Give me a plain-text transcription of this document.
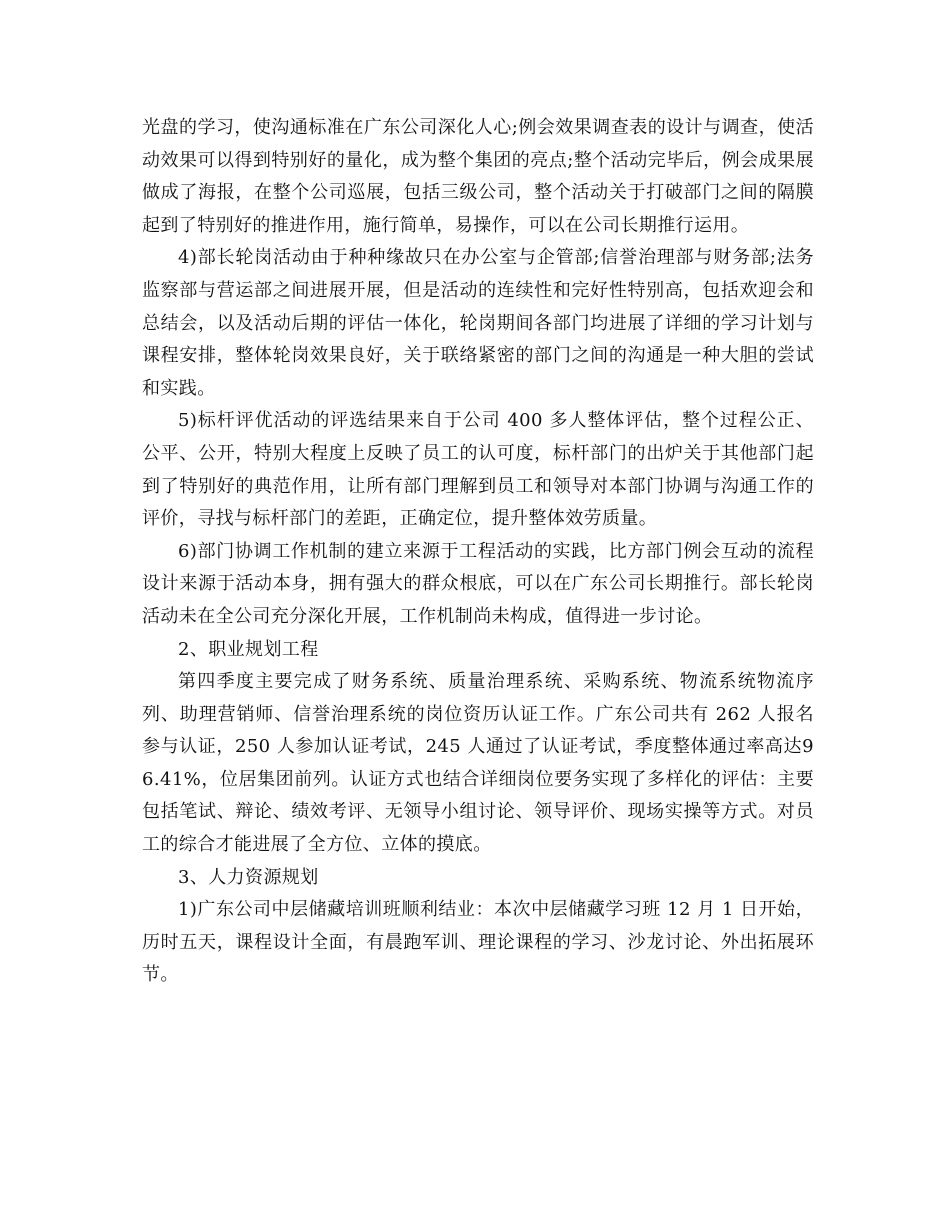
光盘的学习，使沟通标准在广东公司深化人心;例会效果调查表的设计与调查，使活动效果可以得到特别好的量化，成为整个集团的亮点;整个活动完毕后，例会成果展做成了海报，在整个公司巡展，包括三级公司，整个活动关于打破部门之间的隔膜起到了特别好的推进作用，施行简单，易操作，可以在公司长期推行运用。

4)部长轮岗活动由于种种缘故只在办公室与企管部;信誉治理部与财务部;法务监察部与营运部之间进展开展，但是活动的连续性和完好性特别高，包括欢迎会和总结会，以及活动后期的评估一体化，轮岗期间各部门均进展了详细的学习计划与课程安排，整体轮岗效果良好，关于联络紧密的部门之间的沟通是一种大胆的尝试和实践。

5)标杆评优活动的评选结果来自于公司 400 多人整体评估，整个过程公正、公平、公开，特别大程度上反映了员工的认可度，标杆部门的出炉关于其他部门起到了特别好的典范作用，让所有部门理解到员工和领导对本部门协调与沟通工作的评价，寻找与标杆部门的差距，正确定位，提升整体效劳质量。

6)部门协调工作机制的建立来源于工程活动的实践，比方部门例会互动的流程设计来源于活动本身，拥有强大的群众根底，可以在广东公司长期推行。部长轮岗活动未在全公司充分深化开展，工作机制尚未构成，值得进一步讨论。

2、职业规划工程

第四季度主要完成了财务系统、质量治理系统、采购系统、物流系统物流序列、助理营销师、信誉治理系统的岗位资历认证工作。广东公司共有 262 人报名参与认证，250 人参加认证考试，245 人通过了认证考试，季度整体通过率高达96.41%，位居集团前列。认证方式也结合详细岗位要务实现了多样化的评估：主要包括笔试、辩论、绩效考评、无领导小组讨论、领导评价、现场实操等方式。对员工的综合才能进展了全方位、立体的摸底。

3、人力资源规划

1)广东公司中层储藏培训班顺利结业：本次中层储藏学习班 12 月 1 日开始，历时五天，课程设计全面，有晨跑军训、理论课程的学习、沙龙讨论、外出拓展环节。
